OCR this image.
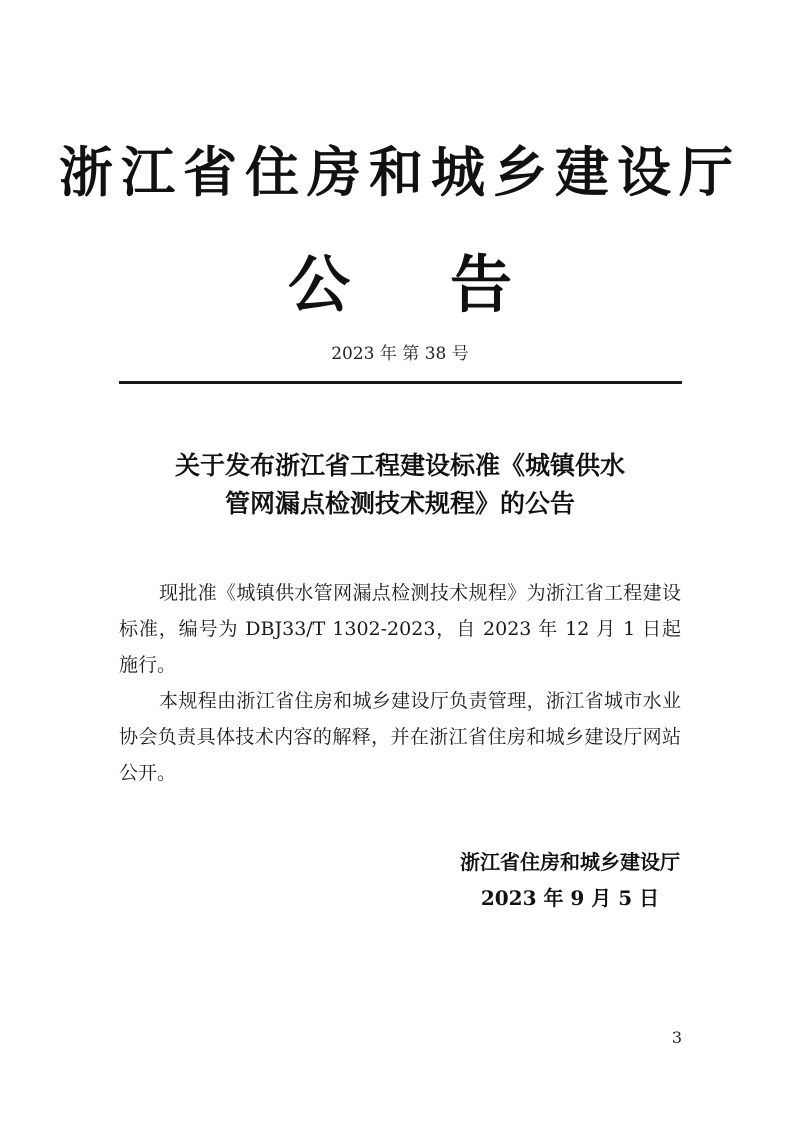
浙江省住房和城乡建设厅
公 告
2023 年 第 38 号
关于发布浙江省工程建设标准《城镇供水
管网漏点检测技术规程》的公告

现批准《城镇供水管网漏点检测技术规程》为浙江省工程建设标准，编号为 DBJ33/T 1302-2023，自 2023 年 12 月 1 日起施行。

本规程由浙江省住房和城乡建设厅负责管理，浙江省城市水业协会负责具体技术内容的解释，并在浙江省住房和城乡建设厅网站公开。

浙江省住房和城乡建设厅
2023 年 9 月 5 日
3
